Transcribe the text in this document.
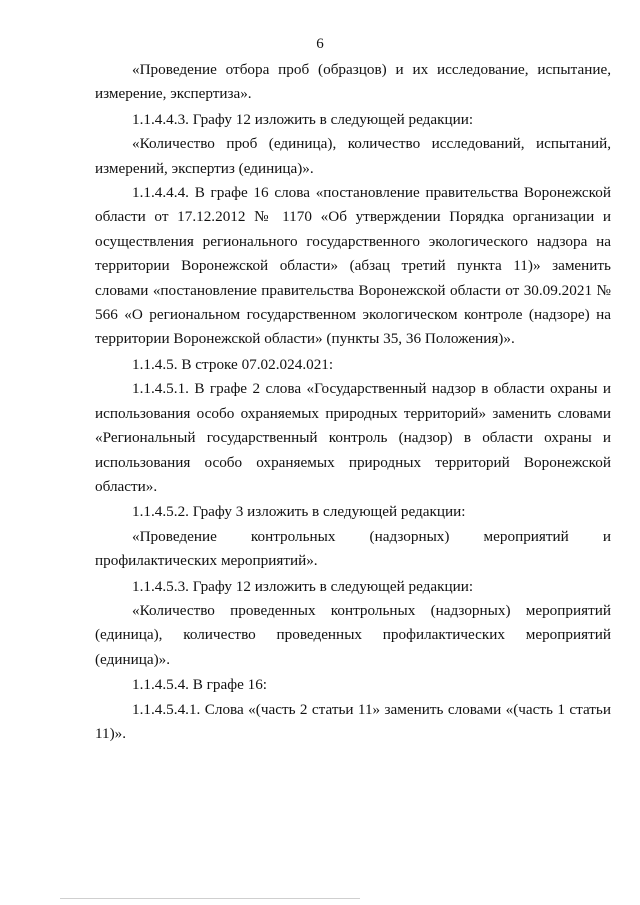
6

«Проведение отбора проб (образцов) и их исследование, испытание, измерение, экспертиза».

1.1.4.4.3. Графу 12 изложить в следующей редакции:

«Количество проб (единица), количество исследований, испытаний, измерений, экспертиз (единица)».

1.1.4.4.4. В графе 16 слова «постановление правительства Воронежской области от 17.12.2012 № 1170 «Об утверждении Порядка организации и осуществления регионального государственного экологического надзора на территории Воронежской области» (абзац третий пункта 11)» заменить словами «постановление правительства Воронежской области от 30.09.2021 № 566 «О региональном государственном экологическом контроле (надзоре) на территории Воронежской области» (пункты 35, 36 Положения)».

1.1.4.5. В строке 07.02.024.021:

1.1.4.5.1. В графе 2 слова «Государственный надзор в области охраны и использования особо охраняемых природных территорий» заменить словами «Региональный государственный контроль (надзор) в области охраны и использования особо охраняемых природных территорий Воронежской области».

1.1.4.5.2. Графу 3 изложить в следующей редакции:

«Проведение контрольных (надзорных) мероприятий и профилактических мероприятий».

1.1.4.5.3. Графу 12 изложить в следующей редакции:

«Количество проведенных контрольных (надзорных) мероприятий (единица), количество проведенных профилактических мероприятий (единица)».

1.1.4.5.4. В графе 16:

1.1.4.5.4.1. Слова «(часть 2 статьи 11» заменить словами «(часть 1 статьи 11)».
